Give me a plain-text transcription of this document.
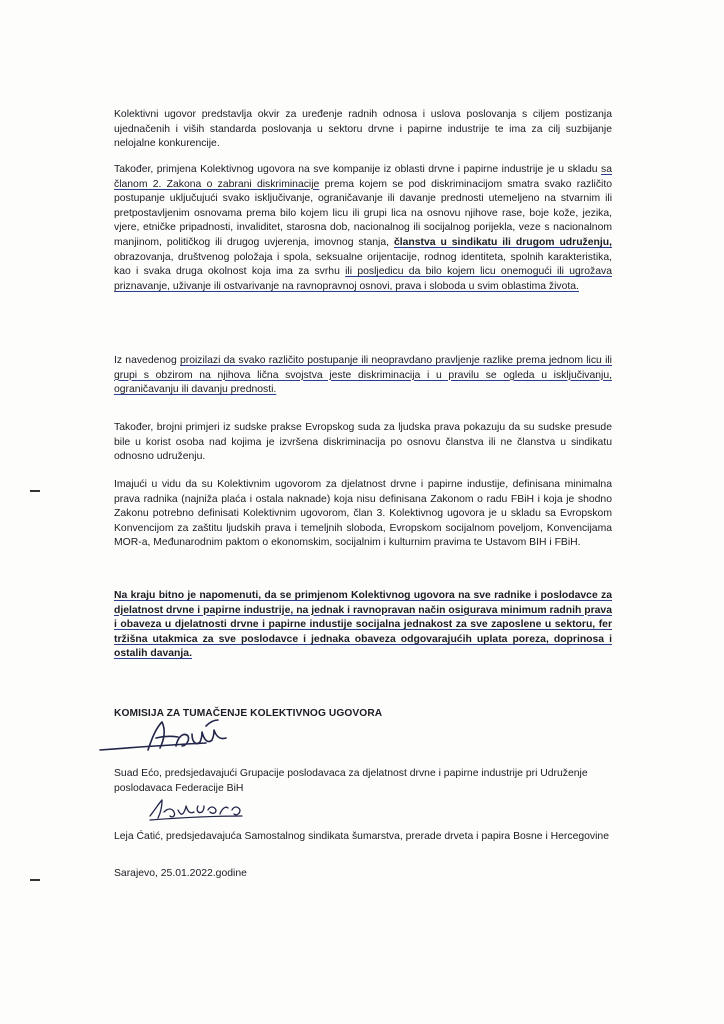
Kolektivni ugovor predstavlja okvir za uređenje radnih odnosa i uslova poslovanja s ciljem postizanja ujednačenih i viših standarda poslovanja u sektoru drvne i papirne industrije te ima za cilj suzbijanje nelojalne konkurencije.

Također, primjena Kolektivnog ugovora na sve kompanije iz oblasti drvne i papirne industrije je u skladu sa članom 2. Zakona o zabrani diskriminacije prema kojem se pod diskriminacijom smatra svako različito postupanje uključujući svako isključivanje, ograničavanje ili davanje prednosti utemeljeno na stvarnim ili pretpostavljenim osnovama prema bilo kojem licu ili grupi lica na osnovu njihove rase, boje kože, jezika, vjere, etničke pripadnosti, invaliditet, starosna dob, nacionalnog ili socijalnog porijekla, veze s nacionalnom manjinom, političkog ili drugog uvjerenja, imovnog stanja, članstva u sindikatu ili drugom udruženju, obrazovanja, društvenog položaja i spola, seksualne orijentacije, rodnog identiteta, spolnih karakteristika, kao i svaka druga okolnost koja ima za svrhu ili posljedicu da bilo kojem licu onemogući ili ugrožava priznavanje, uživanje ili ostvarivanje na ravnopravnoj osnovi, prava i sloboda u svim oblastima života.

Iz navedenog proizilazi da svako različito postupanje ili neopravdano pravljenje razlike prema jednom licu ili grupi s obzirom na njihova lična svojstva jeste diskriminacija i u pravilu se ogleda u isključivanju, ograničavanju ili davanju prednosti.

Također, brojni primjeri iz sudske prakse Evropskog suda za ljudska prava pokazuju da su sudske presude bile u korist osoba nad kojima je izvršena diskriminacija po osnovu članstva ili ne članstva u sindikatu odnosno udruženju.

Imajući u vidu da su Kolektivnim ugovorom za djelatnost drvne i papirne industije, definisana minimalna prava radnika (najniža plaća i ostala naknade) koja nisu definisana Zakonom o radu FBiH i koja je shodno Zakonu potrebno definisati Kolektivnim ugovorom, član 3. Kolektivnog ugovora je u skladu sa Evropskom Konvencijom za zaštitu ljudskih prava i temeljnih sloboda, Evropskom socijalnom poveljom, Konvencijama MOR-a, Međunarodnim paktom o ekonomskim, socijalnim i kulturnim pravima te Ustavom BIH i FBiH.

Na kraju bitno je napomenuti, da se primjenom Kolektivnog ugovora na sve radnike i poslodavce za djelatnost drvne i papirne industrije, na jednak i ravnopravan način osigurava minimum radnih prava i obaveza u djelatnosti drvne i papirne industije socijalna jednakost za sve zaposlene u sektoru, fer tržišna utakmica za sve poslodavce i jednaka obaveza odgovarajućih uplata poreza, doprinosa i ostalih davanja.

KOMISIJA ZA TUMAČENJE KOLEKTIVNOG UGOVORA
Suad Ećo, predsjedavajući Grupacije poslodavaca za djelatnost drvne i papirne industrije pri Udruženje poslodavaca Federacije BiH
Leja Ćatić, predsjedavajuća Samostalnog sindikata šumarstva, prerade drveta i papira Bosne i Hercegovine
Sarajevo, 25.01.2022.godine
